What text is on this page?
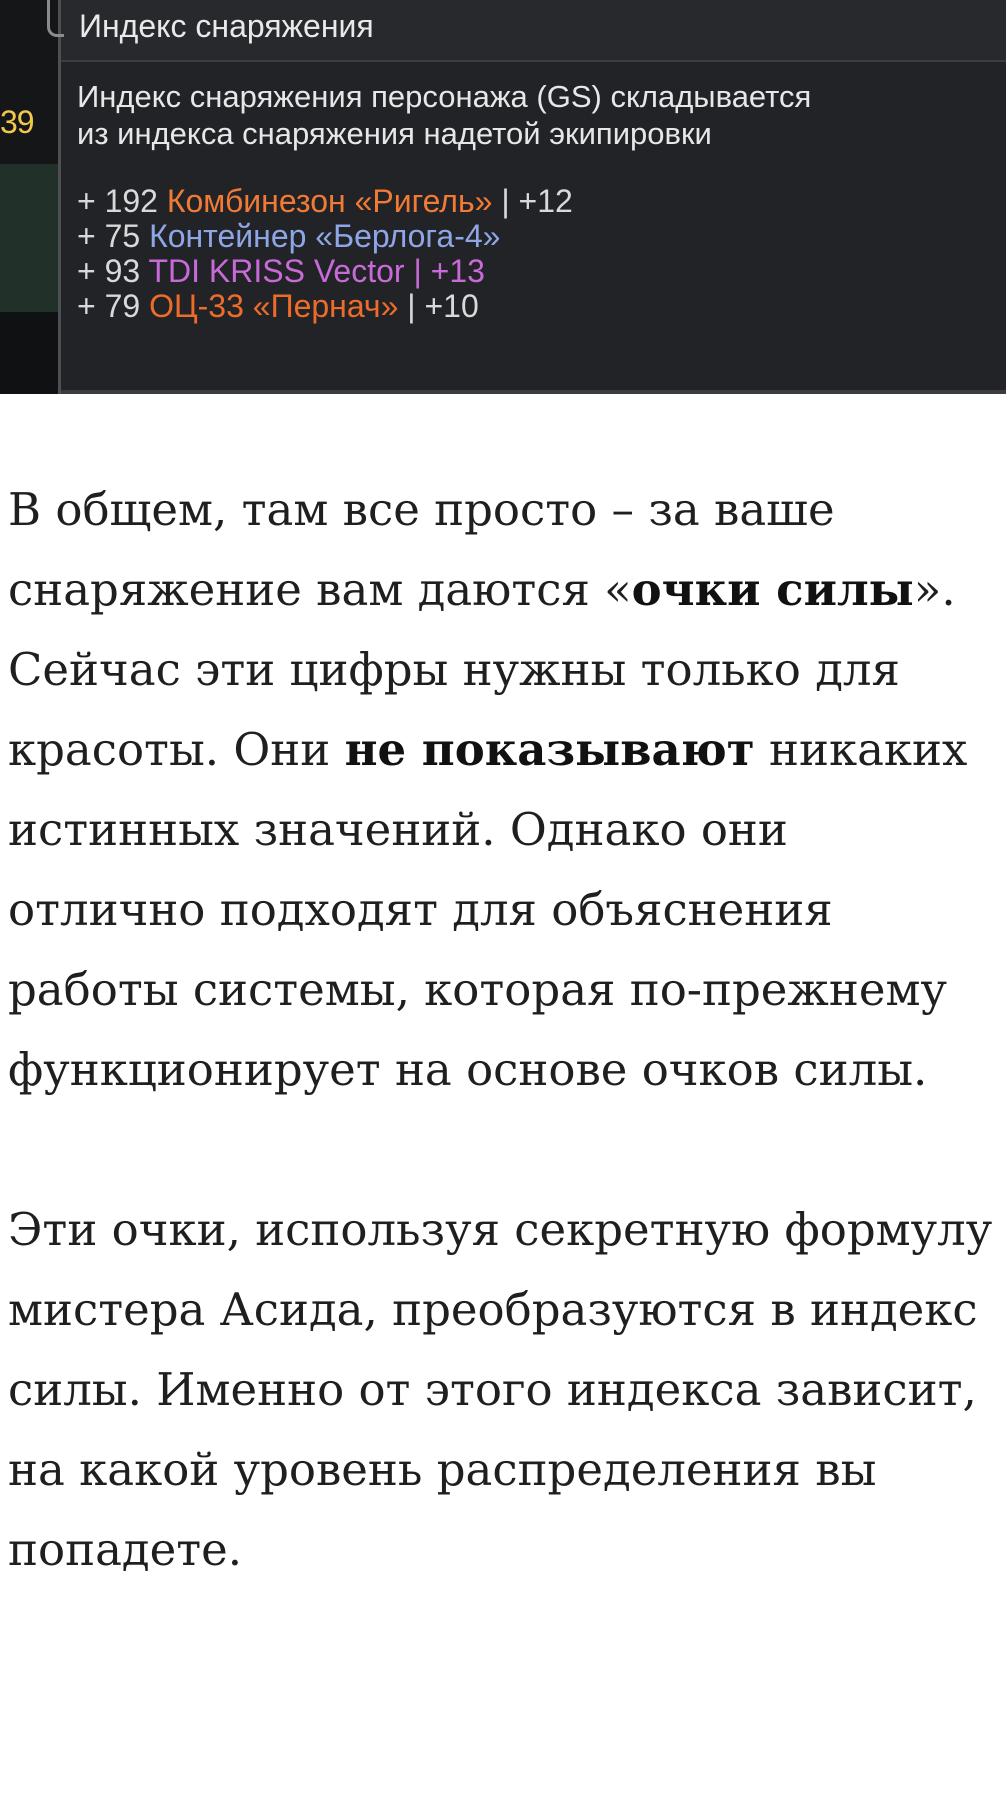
39
Индекс снаряжения
Индекс снаряжения персонажа (GS) складывается
из индекса снаряжения надетой экипировки
+ 192 Комбинезон «Ригель» | +12
+ 75 Контейнер «Берлога-4»
+ 93 TDI KRISS Vector | +13
+ 79 ОЦ-33 «Пернач» | +10

В общем, там все просто – за ваше снаряжение вам даются «очки силы». Сейчас эти цифры нужны только для красоты. Они не показывают никаких истинных значений. Однако они отлично подходят для объяснения работы системы, которая по-прежнему функционирует на основе очков силы.

Эти очки, используя секретную формулу мистера Асида, преобразуются в индекс силы. Именно от этого индекса зависит, на какой уровень распределения вы попадете.
